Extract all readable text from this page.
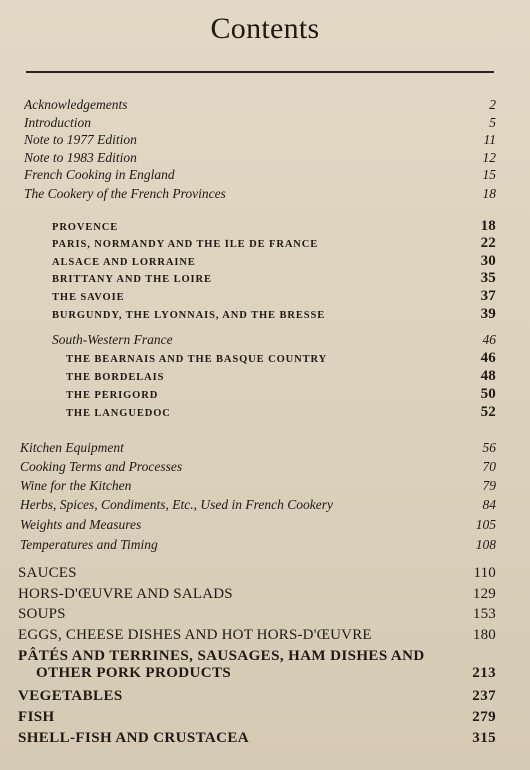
Contents
Acknowledgements	2
Introduction	5
Note to 1977 Edition	11
Note to 1983 Edition	12
French Cooking in England	15
The Cookery of the French Provinces	18
PROVENCE	18
PARIS, NORMANDY AND THE ÎLE DE FRANCE	22
ALSACE AND LORRAINE	30
BRITTANY AND THE LOIRE	35
THE SAVOIE	37
BURGUNDY, THE LYONNAIS, AND THE BRESSE	39
South-Western France	46
THE BÉARNAIS AND THE BASQUE COUNTRY	46
THE BORDELAIS	48
THE PÉRIGORD	50
THE LANGUEDOC	52
Kitchen Equipment	56
Cooking Terms and Processes	70
Wine for the Kitchen	79
Herbs, Spices, Condiments, Etc., Used in French Cookery	84
Weights and Measures	105
Temperatures and Timing	108
SAUCES	110
HORS-D'ŒUVRE AND SALADS	129
SOUPS	153
EGGS, CHEESE DISHES AND HOT HORS-D'ŒUVRE	180
PÂTÉS AND TERRINES, SAUSAGES, HAM DISHES AND
OTHER PORK PRODUCTS	213
VEGETABLES	237
FISH	279
SHELL-FISH AND CRUSTACEA	315
